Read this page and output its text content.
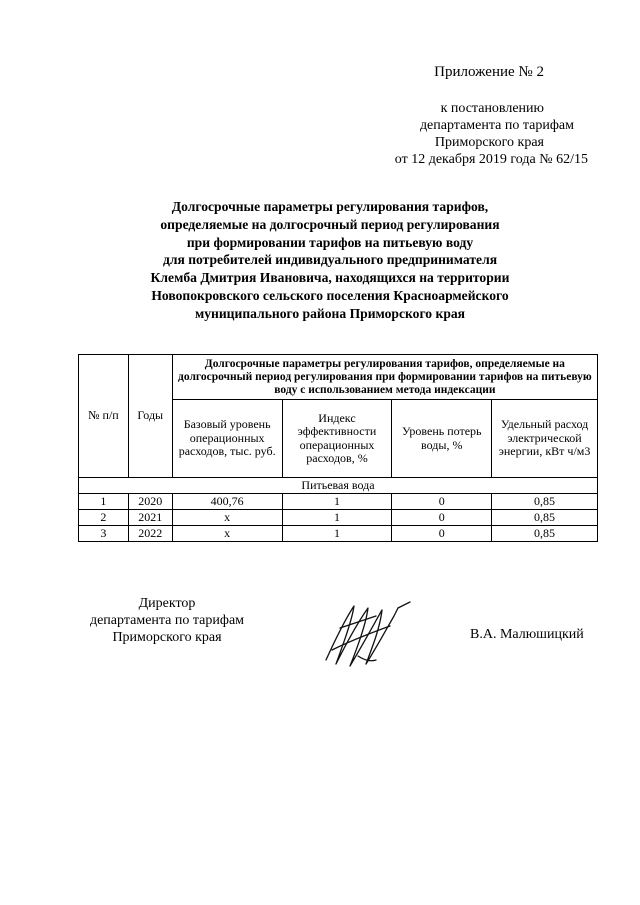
Приложение № 2
к постановлению
департамента по тарифам
Приморского края
от 12 декабря 2019 года № 62/15
Долгосрочные параметры регулирования тарифов,
определяемые на долгосрочный период регулирования
при формировании тарифов на питьевую воду
для потребителей индивидуального предпринимателя
Клемба Дмитрия Ивановича, находящихся на территории
Новопокровского сельского поселения Красноармейского
муниципального района Приморского края
№ п/п	Годы	Долгосрочные параметры регулирования тарифов, определяемые на долгосрочный период регулирования при формировании тарифов на питьевую воду с использованием метода индексации			
		Базовый уровень операционных расходов, тыс. руб.	Индекс эффективности операционных расходов, %	Уровень потерь воды, %	Удельный расход электрической энергии, кВт ч/м3
Питьевая вода					
1	2020	400,76	1	0	0,85
2	2021	х	1	0	0,85
3	2022	х	1	0	0,85
Директор
департамента по тарифам
Приморского края	В.А. Малюшицкий
